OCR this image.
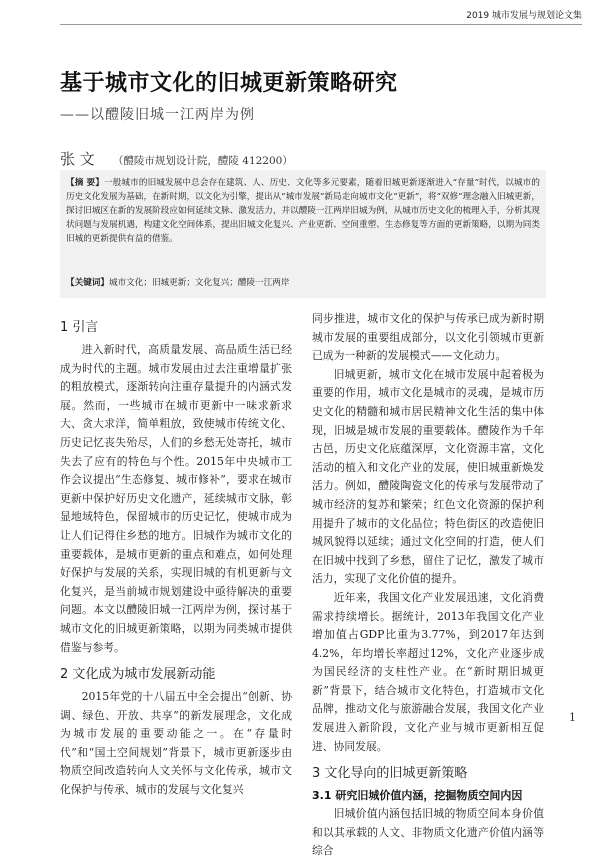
2019 城市发展与规划论文集
基于城市文化的旧城更新策略研究
——以醴陵旧城一江两岸为例
张 文 （醴陵市规划设计院，醴陵 412200）

【摘 要】一般城市的旧城发展中总会存在建筑、人、历史、文化等多元要素，随着旧城更新逐渐进入“存量”时代，以城市的历史文化发展为基础，在新时期，以文化为引擎，提出从“城市发展”新局走向城市文化“更新”，将“双修”理念融入旧城更新，探讨旧城区在新的发展阶段应如何延续文脉、激发活力，并以醴陵一江两岸旧城为例，从城市历史文化的梳理入手，分析其现状问题与发展机遇，构建文化空间体系，提出旧城文化复兴、产业更新、空间重塑、生态修复等方面的更新策略，以期为同类旧城的更新提供有益的借鉴。

【关键词】城市文化；旧城更新；文化复兴；醴陵一江两岸

1 引言

进入新时代，高质量发展、高品质生活已经成为时代的主题。城市发展由过去注重增量扩张的粗放模式，逐渐转向注重存量提升的内涵式发展。然而，一些城市在城市更新中一味求新求大、贪大求洋，简单粗放，致使城市传统文化、历史记忆丧失殆尽，人们的乡愁无处寄托，城市失去了应有的特色与个性。2015年中央城市工作会议提出“生态修复、城市修补”，要求在城市更新中保护好历史文化遗产，延续城市文脉，彰显地域特色，保留城市的历史记忆，使城市成为让人们记得住乡愁的地方。旧城作为城市文化的重要载体，是城市更新的重点和难点，如何处理好保护与发展的关系，实现旧城的有机更新与文化复兴，是当前城市规划建设中亟待解决的重要问题。本文以醴陵旧城一江两岸为例，探讨基于城市文化的旧城更新策略，以期为同类城市提供借鉴与参考。

2 文化成为城市发展新动能

2015年党的十八届五中全会提出“创新、协调、绿色、开放、共享”的新发展理念，文化成为城市发展的重要动能之一。在“存量时代”和“国土空间规划”背景下，城市更新逐步由物质空间改造转向人文关怀与文化传承，城市文化保护与传承、城市的发展与文化复兴

同步推进，城市文化的保护与传承已成为新时期城市发展的重要组成部分，以文化引领城市更新已成为一种新的发展模式——文化动力。

旧城更新，城市文化在城市发展中起着极为重要的作用，城市文化是城市的灵魂，是城市历史文化的精髓和城市居民精神文化生活的集中体现，旧城是城市发展的重要载体。醴陵作为千年古邑，历史文化底蕴深厚，文化资源丰富，文化活动的植入和文化产业的发展，使旧城重新焕发活力。例如，醴陵陶瓷文化的传承与发展带动了城市经济的复苏和繁荣；红色文化资源的保护利用提升了城市的文化品位；特色街区的改造使旧城风貌得以延续；通过文化空间的打造，使人们在旧城中找到了乡愁，留住了记忆，激发了城市活力，实现了文化价值的提升。

近年来，我国文化产业发展迅速，文化消费需求持续增长。据统计，2013年我国文化产业增加值占GDP比重为3.77%，到2017年达到4.2%，年均增长率超过12%，文化产业逐步成为国民经济的支柱性产业。在“新时期旧城更新”背景下，结合城市文化特色，打造城市文化品牌，推动文化与旅游融合发展，我国文化产业发展进入新阶段，文化产业与城市更新相互促进、协同发展。

3 文化导向的旧城更新策略
3.1 研究旧城价值内涵，挖掘物质空间内因

旧城价值内涵包括旧城的物质空间本身价值和以其承载的人文、非物质文化遗产价值内涵等综合

1
